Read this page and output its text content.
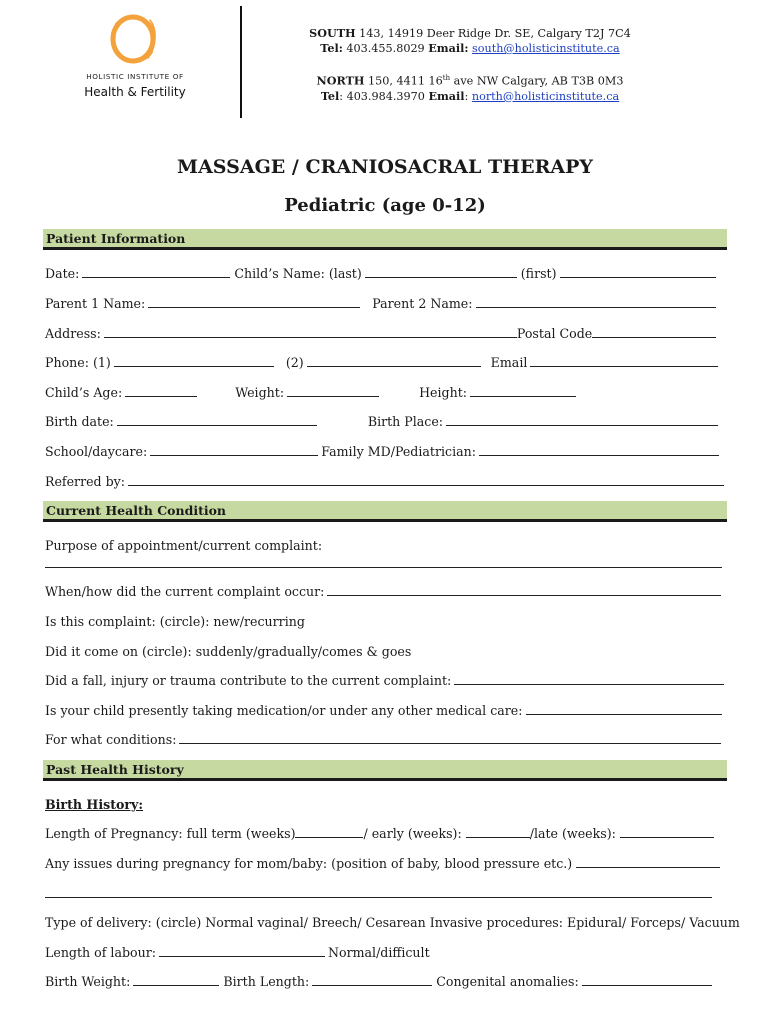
HOLISTIC INSTITUTE OF
Health & Fertility
SOUTH 143, 14919 Deer Ridge Dr. SE, Calgary T2J 7C4
Tel: 403.455.8029 Email: south@holisticinstitute.ca
NORTH 150, 4411 16th ave NW Calgary, AB T3B 0M3
Tel: 403.984.3970 Email: north@holisticinstitute.ca
MASSAGE / CRANIOSACRAL THERAPY
Pediatric (age 0-12)
Patient Information
Date:	Child’s Name: (last)	(first)
Parent 1 Name:	Parent 2 Name:
Address:	Postal Code
Phone: (1)	(2)	Email
Child’s Age:	Weight:	Height:
Birth date:	Birth Place:
School/daycare:	Family MD/Pediatrician:
Referred by:
Current Health Condition
Purpose of appointment/current complaint:
When/how did the current complaint occur:
Is this complaint: (circle): new/recurring
Did it come on (circle): suddenly/gradually/comes & goes
Did a fall, injury or trauma contribute to the current complaint:
Is your child presently taking medication/or under any other medical care:
For what conditions:
Past Health History
Birth History:
Length of Pregnancy: full term (weeks)	/ early (weeks):	/late (weeks):
Any issues during pregnancy for mom/baby: (position of baby, blood pressure etc.)
Type of delivery: (circle) Normal vaginal/ Breech/ Cesarean Invasive procedures: Epidural/ Forceps/ Vacuum
Length of labour:	Normal/difficult
Birth Weight:	Birth Length:	Congenital anomalies:
